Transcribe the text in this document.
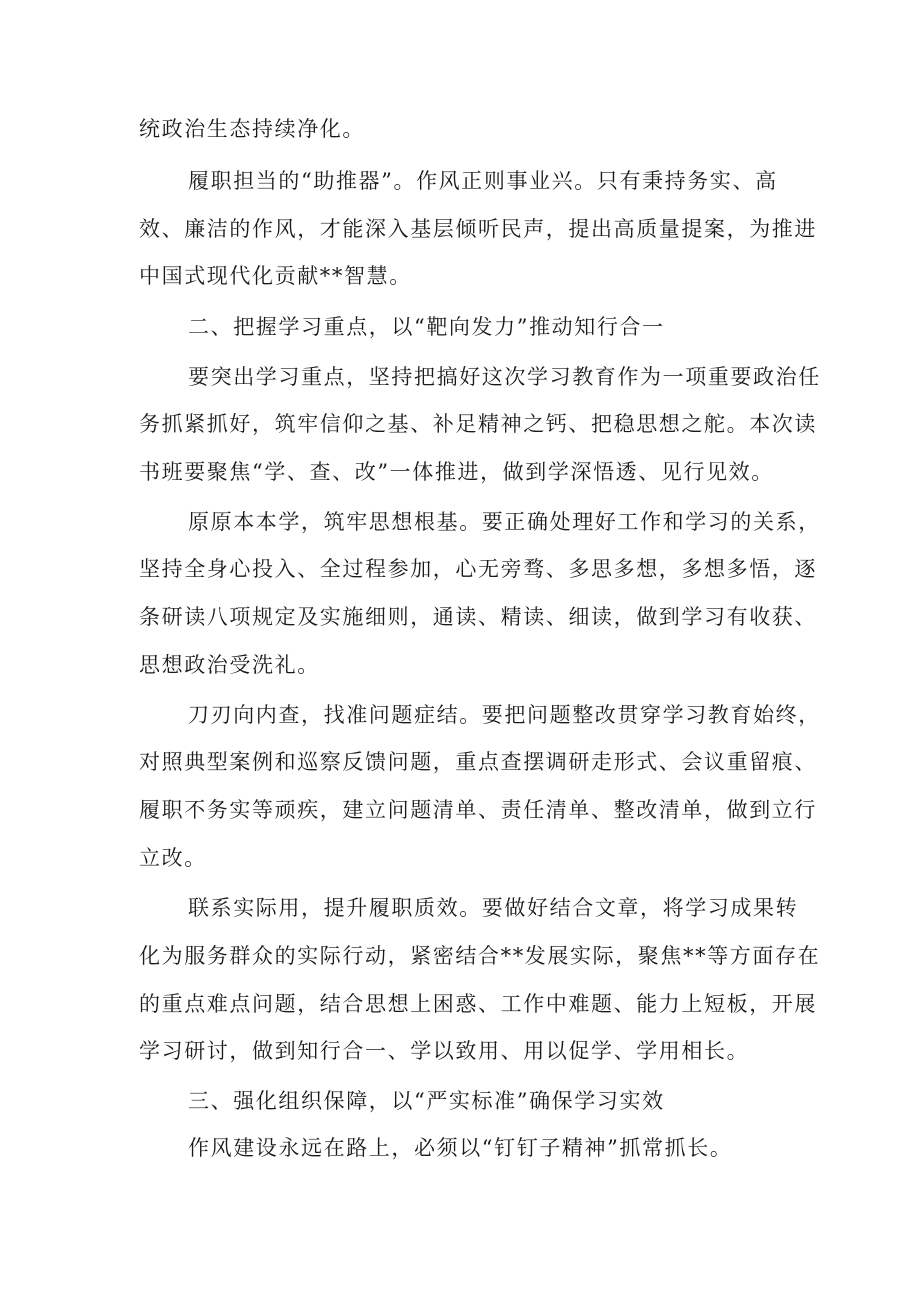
统政治生态持续净化。
履职担当的“助推器”。作风正则事业兴。只有秉持务实、高
效、廉洁的作风，才能深入基层倾听民声，提出高质量提案，为推进
中国式现代化贡献**智慧。
二、把握学习重点，以“靶向发力”推动知行合一
要突出学习重点，坚持把搞好这次学习教育作为一项重要政治任
务抓紧抓好，筑牢信仰之基、补足精神之钙、把稳思想之舵。本次读
书班要聚焦“学、查、改”一体推进，做到学深悟透、见行见效。
原原本本学，筑牢思想根基。要正确处理好工作和学习的关系，
坚持全身心投入、全过程参加，心无旁骛、多思多想，多想多悟，逐
条研读八项规定及实施细则，通读、精读、细读，做到学习有收获、
思想政治受洗礼。
刀刃向内查，找准问题症结。要把问题整改贯穿学习教育始终，
对照典型案例和巡察反馈问题，重点查摆调研走形式、会议重留痕、
履职不务实等顽疾，建立问题清单、责任清单、整改清单，做到立行
立改。
联系实际用，提升履职质效。要做好结合文章，将学习成果转
化为服务群众的实际行动，紧密结合**发展实际，聚焦**等方面存在
的重点难点问题，结合思想上困惑、工作中难题、能力上短板，开展
学习研讨，做到知行合一、学以致用、用以促学、学用相长。
三、强化组织保障，以“严实标准”确保学习实效
作风建设永远在路上，必须以“钉钉子精神”抓常抓长。
